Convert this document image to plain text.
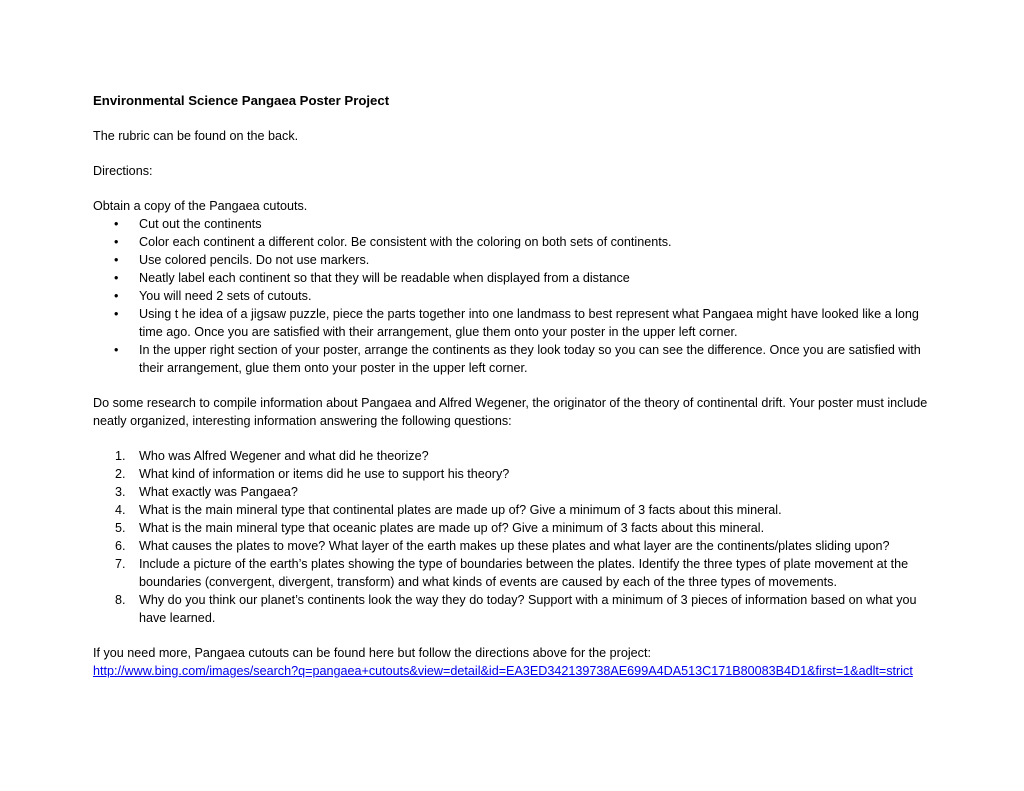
Environmental Science Pangaea Poster Project

The rubric can be found on the back.

Directions:

Obtain a copy of the Pangaea cutouts.

• Cut out the continents
• Color each continent a different color. Be consistent with the coloring on both sets of continents.
• Use colored pencils. Do not use markers.
• Neatly label each continent so that they will be readable when displayed from a distance
• You will need 2 sets of cutouts.
• Using t he idea of a jigsaw puzzle, piece the parts together into one landmass to best represent what Pangaea might have looked like a long time ago. Once you are satisfied with their arrangement, glue them onto your poster in the upper left corner.
• In the upper right section of your poster, arrange the continents as they look today so you can see the difference. Once you are satisfied with their arrangement, glue them onto your poster in the upper left corner.

Do some research to compile information about Pangaea and Alfred Wegener, the originator of the theory of continental drift. Your poster must include neatly organized, interesting information answering the following questions:

1. Who was Alfred Wegener and what did he theorize?
2. What kind of information or items did he use to support his theory?
3. What exactly was Pangaea?
4. What is the main mineral type that continental plates are made up of? Give a minimum of 3 facts about this mineral.
5. What is the main mineral type that oceanic plates are made up of? Give a minimum of 3 facts about this mineral.
6. What causes the plates to move? What layer of the earth makes up these plates and what layer are the continents/plates sliding upon?
7. Include a picture of the earth’s plates showing the type of boundaries between the plates. Identify the three types of plate movement at the boundaries (convergent, divergent, transform) and what kinds of events are caused by each of the three types of movements.
8. Why do you think our planet’s continents look the way they do today? Support with a minimum of 3 pieces of information based on what you have learned.

If you need more, Pangaea cutouts can be found here but follow the directions above for the project:

http://www.bing.com/images/search?q=pangaea+cutouts&view=detail&id=EA3ED342139738AE699A4DA513C171B80083B4D1&first=1&adlt=strict
